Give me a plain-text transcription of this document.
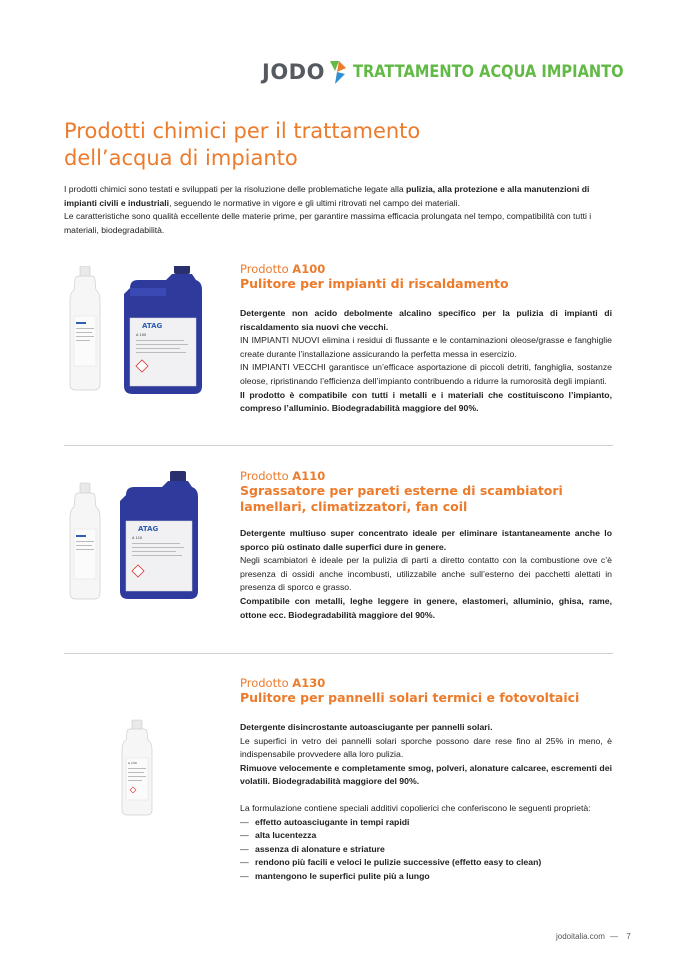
JODO TRATTAMENTO ACQUA IMPIANTO
Prodotti chimici per il trattamento dell’acqua di impianto

I prodotti chimici sono testati e sviluppati per la risoluzione delle problematiche legate alla pulizia, alla protezione e alla manutenzioni di impianti civili e industriali, seguendo le normative in vigore e gli ultimi ritrovati nel campo dei materiali.

Le caratteristiche sono qualità eccellente delle materie prime, per garantire massima efficacia prolungata nel tempo, compatibilità con tutti i materiali, biodegradabilità.

ATAG
A 100
Prodotto A100
Pulitore per impianti di riscaldamento

Detergente non acido debolmente alcalino specifico per la pulizia di impianti di riscaldamento sia nuovi che vecchi.

IN IMPIANTI NUOVI elimina i residui di flussante e le contaminazioni oleose/grasse e fanghiglie create durante l’installazione assicurando la perfetta messa in esercizio.

IN IMPIANTI VECCHI garantisce un’efficace asportazione di piccoli detriti, fanghiglia, sostanze oleose, ripristinando l’efficienza dell’impianto contribuendo a ridurre la rumorosità degli impianti.

Il prodotto è compatibile con tutti i metalli e i materiali che costituiscono l’impianto, compreso l’alluminio. Biodegradabilità maggiore del 90%.

ATAG
A 110
Prodotto A110
Sgrassatore per pareti esterne di scambiatori lamellari, climatizzatori, fan coil

Detergente multiuso super concentrato ideale per eliminare istantaneamente anche lo sporco più ostinato dalle superfici dure in genere.

Negli scambiatori è ideale per la pulizia di parti a diretto contatto con la combustione ove c’è presenza di ossidi anche incombusti, utilizzabile anche sull’esterno dei pacchetti alettati in presenza di sporco e grasso.

Compatibile con metalli, leghe leggere in genere, elastomeri, alluminio, ghisa, rame, ottone ecc. Biodegradabilità maggiore del 90%.

A 130
Prodotto A130
Pulitore per pannelli solari termici e fotovoltaici

Detergente disincrostante autoasciugante per pannelli solari.

Le superfici in vetro dei pannelli solari sporche possono dare rese fino al 25% in meno, è indispensabile provvedere alla loro pulizia.

Rimuove velocemente e completamente smog, polveri, alonature calcaree, escrementi dei volatili. Biodegradabilità maggiore del 90%.

La formulazione contiene speciali additivi copolierici che conferiscono le seguenti proprietà:

— effetto autoasciugante in tempi rapidi
— alta lucentezza
— assenza di alonature e striature
— rendono più facili e veloci le pulizie successive (effetto easy to clean)
— mantengono le superfici pulite più a lungo
jodoitalia.com — 7
